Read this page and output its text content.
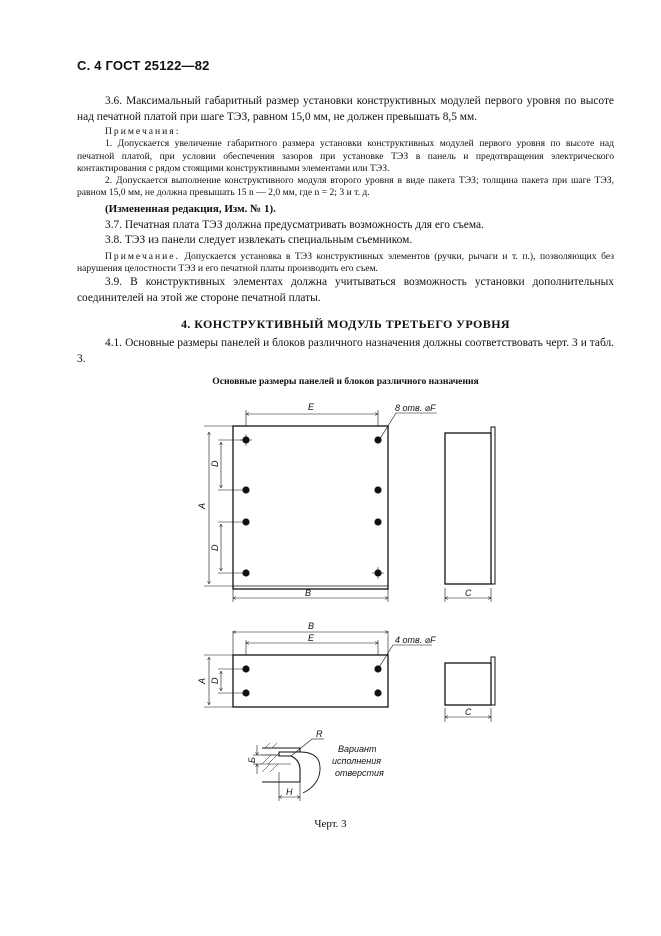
С. 4 ГОСТ 25122—82

3.6. Максимальный габаритный размер установки конструктивных модулей первого уровня по высоте над печатной платой при шаге ТЭЗ, равном 15,0 мм, не должен превышать 8,5 мм.

Примечания:

1. Допускается увеличение габаритного размера установки конструктивных модулей первого уровня по высоте над печатной платой, при условии обеспечения зазоров при установке ТЭЗ в панель и предотвращения электрического контактирования с рядом стоящими конструктивными элементами или ТЭЗ.

2. Допускается выполнение конструктивного модуля второго уровня в виде пакета ТЭЗ; толщина пакета при шаге ТЭЗ, равном 15,0 мм, не должна превышать 15 n — 2,0 мм, где n = 2; 3 и т. д.

(Измененная редакция, Изм. № 1).

3.7. Печатная плата ТЭЗ должна предусматривать возможность для его съема.

3.8. ТЭЗ из панели следует извлекать специальным съемником.

Примечание. Допускается установка в ТЭЗ конструктивных элементов (ручки, рычаги и т. п.), позволяющих без нарушения целостности ТЭЗ и его печатной платы производить его съем.

3.9. В конструктивных элементах должна учитываться возможность установки дополнительных соединителей на этой же стороне печатной платы.

4. КОНСТРУКТИВНЫЙ МОДУЛЬ ТРЕТЬЕГО УРОВНЯ

4.1. Основные размеры панелей и блоков различного назначения должны соответствовать черт. 3 и табл. 3.

Основные размеры панелей и блоков различного назначения
E	8 отв. ⌀F
B	C
A
D
D
B
E	4 отв. ⌀F
C
A D
R
Б
H
Вариант
исполнения
отверстия
Черт. 3
